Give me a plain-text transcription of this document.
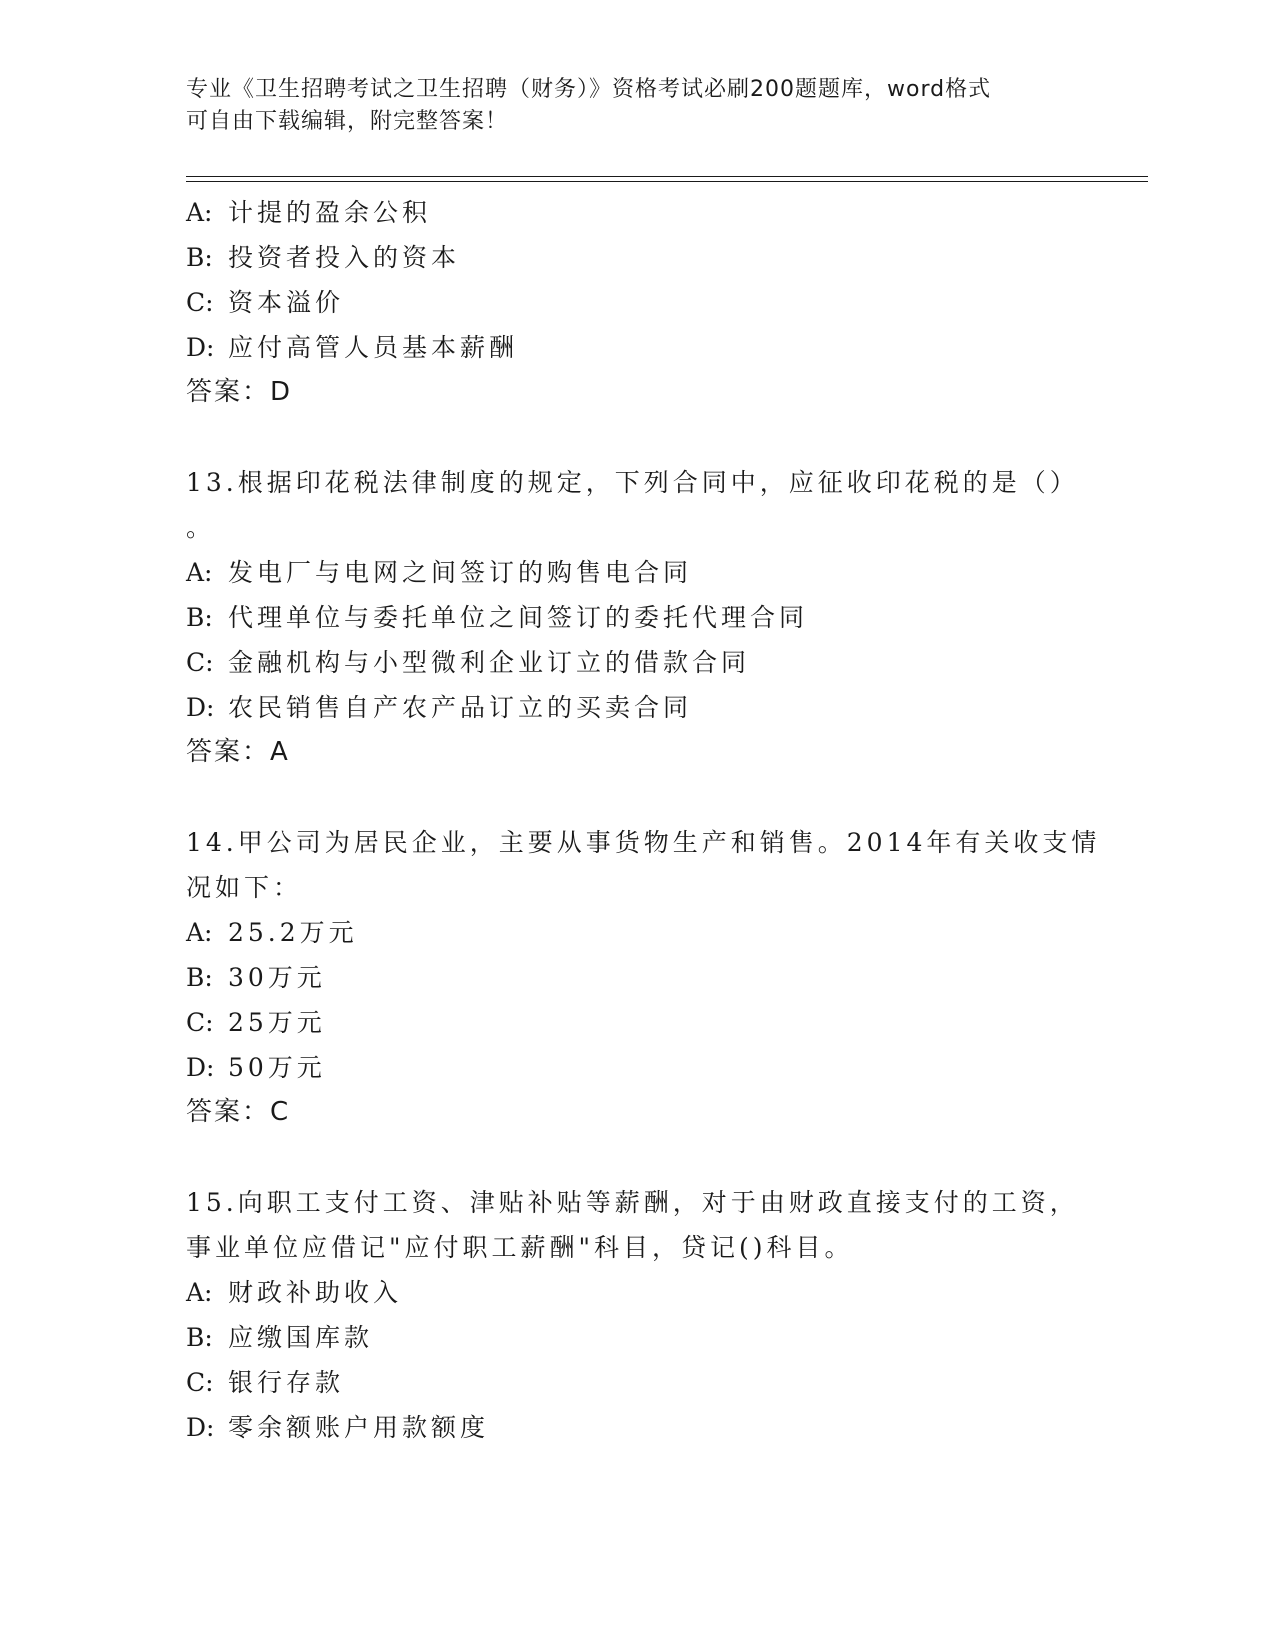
专业《卫生招聘考试之卫生招聘（财务）》资格考试必刷200题题库，word格式
可自由下载编辑，附完整答案！
A: 计提的盈余公积
B: 投资者投入的资本
C: 资本溢价
D: 应付高管人员基本薪酬
答案：D
13.根据印花税法律制度的规定，下列合同中，应征收印花税的是（）
。
A: 发电厂与电网之间签订的购售电合同
B: 代理单位与委托单位之间签订的委托代理合同
C: 金融机构与小型微利企业订立的借款合同
D: 农民销售自产农产品订立的买卖合同
答案：A
14.甲公司为居民企业，主要从事货物生产和销售。2014年有关收支情
况如下：
A: 25.2万元
B: 30万元
C: 25万元
D: 50万元
答案：C
15.向职工支付工资、津贴补贴等薪酬，对于由财政直接支付的工资，
事业单位应借记"应付职工薪酬"科目，贷记()科目。
A: 财政补助收入
B: 应缴国库款
C: 银行存款
D: 零余额账户用款额度
